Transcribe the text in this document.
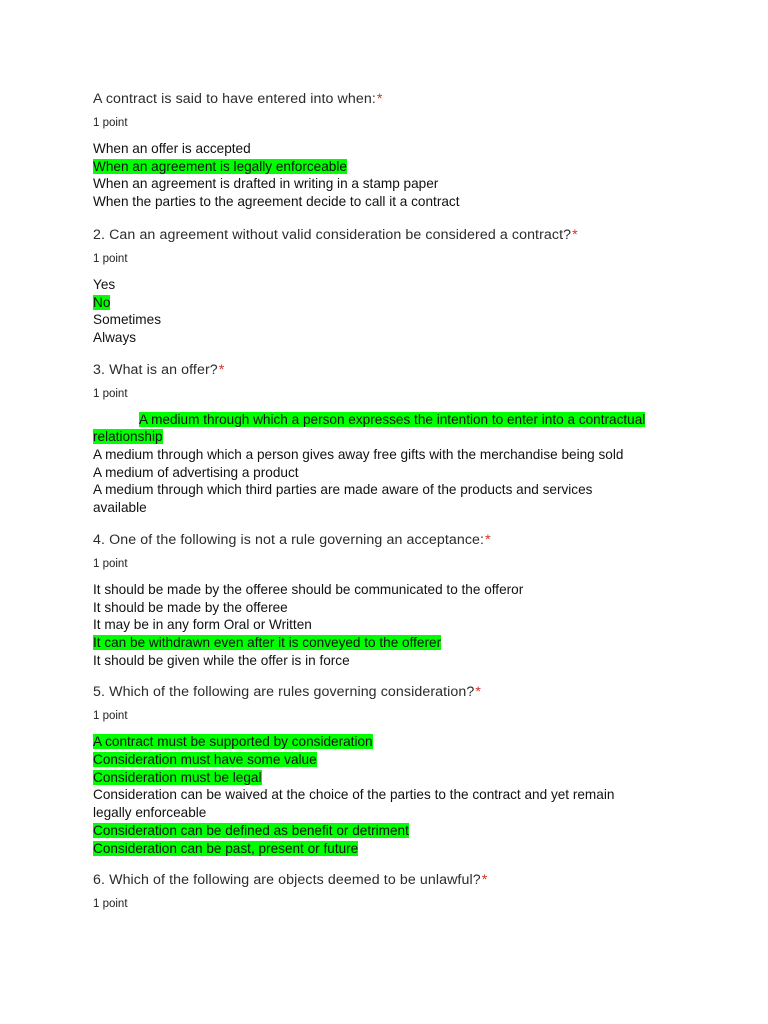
A contract is said to have entered into when:*

1 point
When an offer is accepted
When an agreement is legally enforceable
When an agreement is drafted in writing in a stamp paper
When the parties to the agreement decide to call it a contract

2. Can an agreement without valid consideration be considered a contract?*

1 point
Yes
No
Sometimes
Always

3. What is an offer?*

1 point
A medium through which a person expresses the intention to enter into a contractual
relationship
A medium through which a person gives away free gifts with the merchandise being sold
A medium of advertising a product
A medium through which third parties are made aware of the products and services
available

4. One of the following is not a rule governing an acceptance:*

1 point
It should be made by the offeree should be communicated to the offeror
It should be made by the offeree
It may be in any form Oral or Written
It can be withdrawn even after it is conveyed to the offerer
It should be given while the offer is in force

5. Which of the following are rules governing consideration?*

1 point
A contract must be supported by consideration
Consideration must have some value
Consideration must be legal
Consideration can be waived at the choice of the parties to the contract and yet remain
legally enforceable
Consideration can be defined as benefit or detriment
Consideration can be past, present or future

6. Which of the following are objects deemed to be unlawful?*

1 point
